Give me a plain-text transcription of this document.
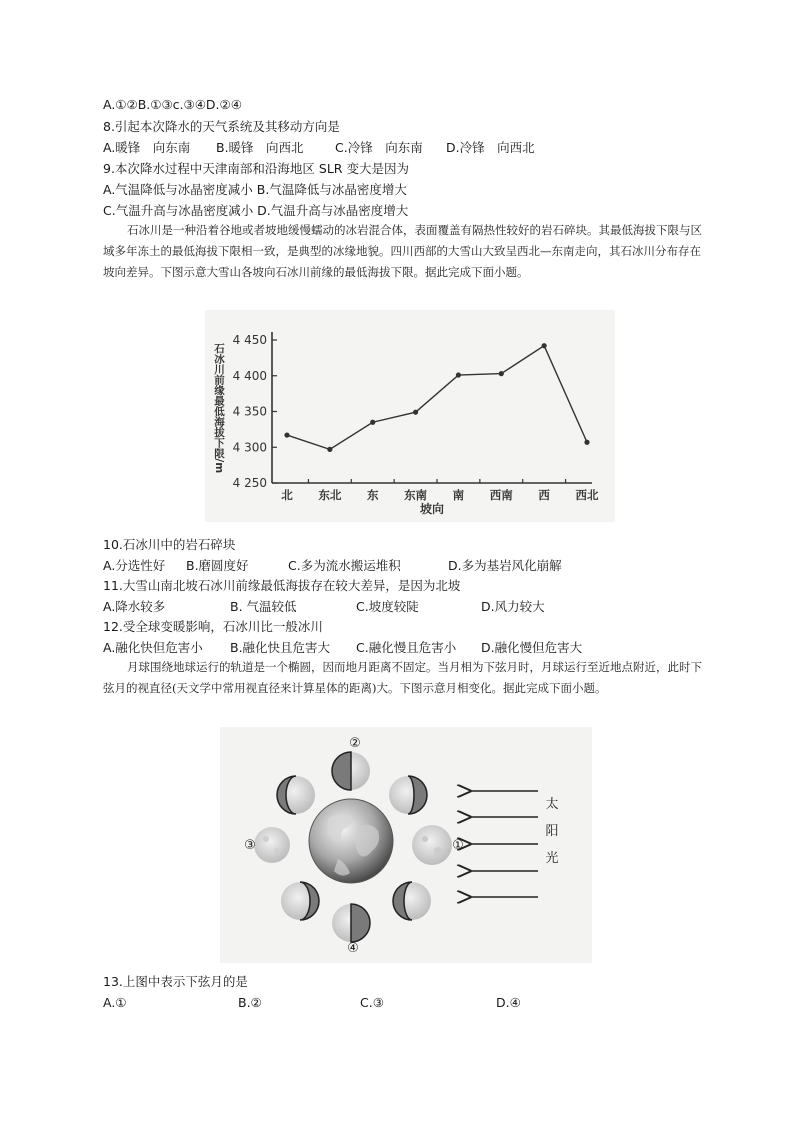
A.①②B.①③c.③④D.②④
8.引起本次降水的天气系统及其移动方向是
A.暖锋　向东南 B.暖锋　向西北	C.冷锋　向东南 D.冷锋　向西北
9.本次降水过程中天津南部和沿海地区 SLR 变大是因为
A.气温降低与冰晶密度减小 B.气温降低与冰晶密度增大
C.气温升高与冰晶密度减小 D.气温升高与冰晶密度增大
石冰川是一种沿着谷地或者坡地缓慢蠕动的冰岩混合体，表面覆盖有隔热性较好的岩石碎块。其最低海拔下限与区域多年冻土的最低海拔下限相一致，是典型的冰缘地貌。四川西部的大雪山大致呈西北—东南走向，其石冰川分布存在坡向差异。下图示意大雪山各坡向石冰川前缘的最低海拔下限。据此完成下面小题。
4 250
4 300
4 350
4 400
4 450
北 东北 东 东南 南 西南 西 西北
石冰川前缘最低海拔下限/m
坡向
10.石冰川中的岩石碎块
A.分选性好 B.磨圆度好	C.多为流水搬运堆积	D.多为基岩风化崩解
11.大雪山南北坡石冰川前缘最低海拔存在较大差异，是因为北坡
A.降水较多	B. 气温较低	C.坡度较陡	D.风力较大
12.受全球变暖影响，石冰川比一般冰川
A.融化快但危害小 B.融化快且危害大 C.融化慢且危害小 D.融化慢但危害大
月球围绕地球运行的轨道是一个椭圆，因而地月距离不固定。当月相为下弦月时，月球运行至近地点附近，此时下弦月的视直径(天文学中常用视直径来计算星体的距离)大。下图示意月相变化。据此完成下面小题。
②
③	①
④
太
阳
光
13.上图中表示下弦月的是
A.①	B.②	C.③	D.④
